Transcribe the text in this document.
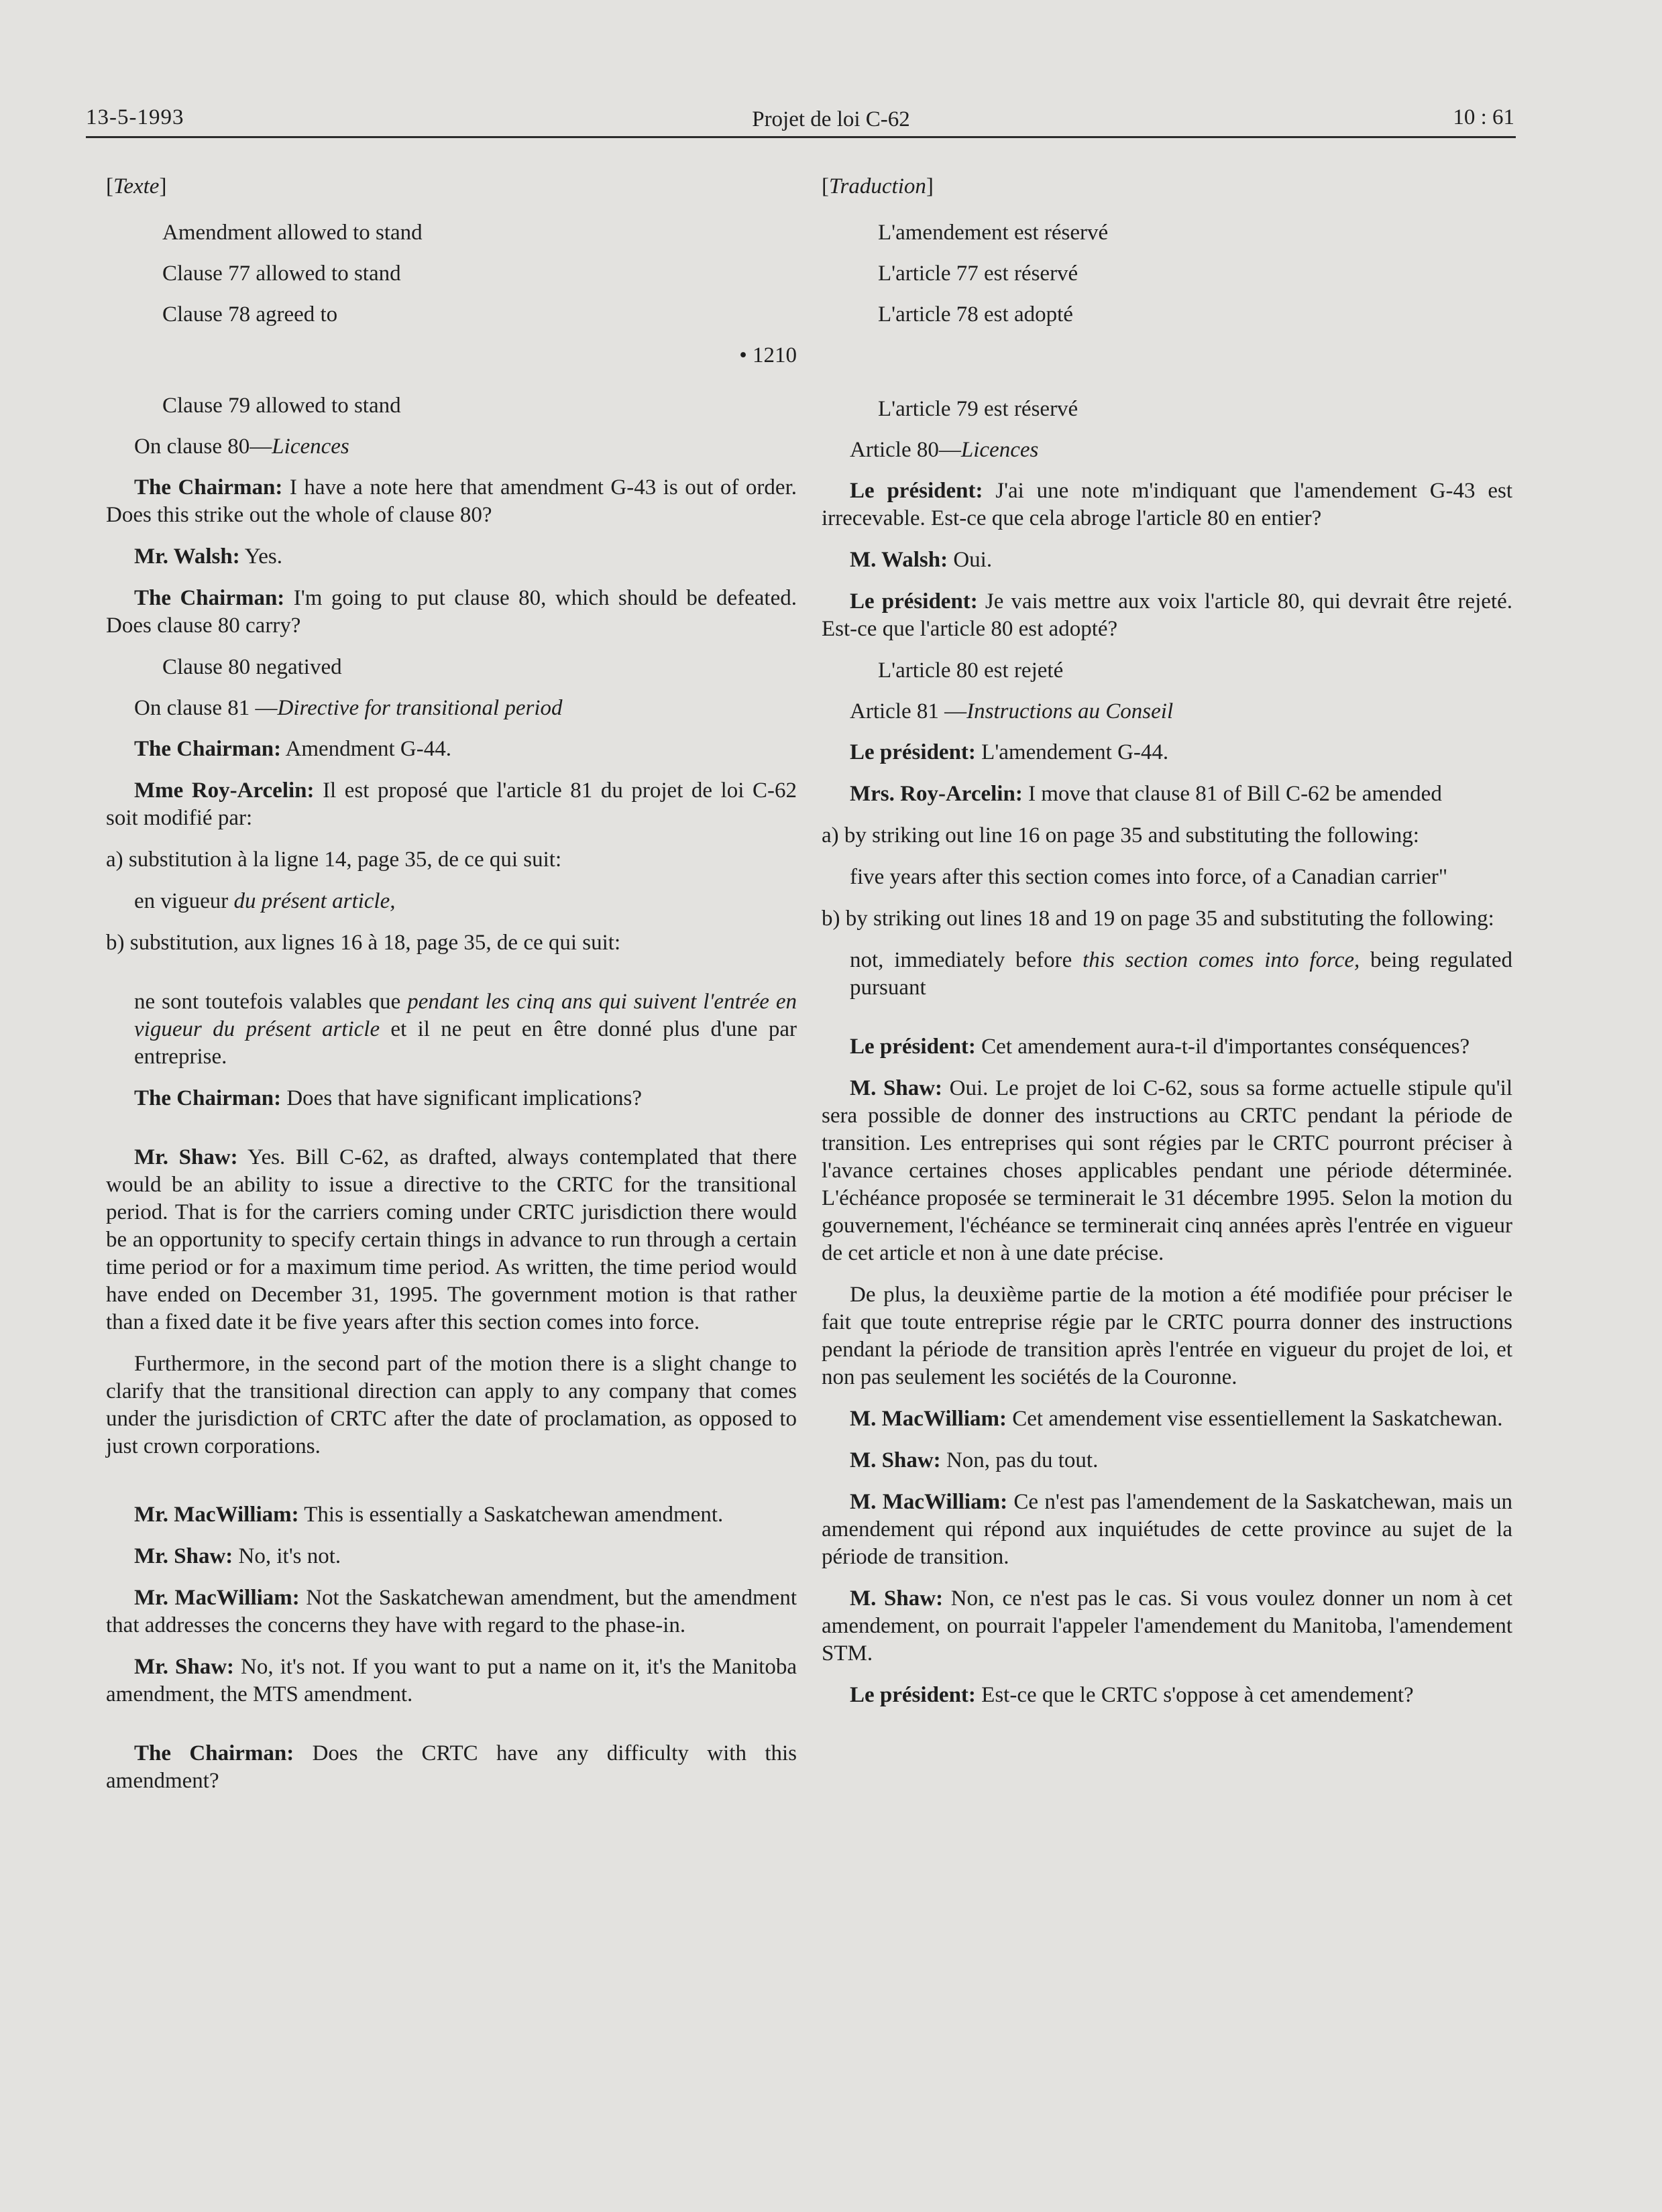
13-5-1993	Projet de loi C-62	10 : 61
[Texte]

Amendment allowed to stand

Clause 77 allowed to stand

Clause 78 agreed to

• 1210

Clause 79 allowed to stand

On clause 80—Licences

The Chairman: I have a note here that amendment G-43 is out of order. Does this strike out the whole of clause 80?

Mr. Walsh: Yes.

The Chairman: I'm going to put clause 80, which should be defeated. Does clause 80 carry?

Clause 80 negatived

On clause 81 —Directive for transitional period

The Chairman: Amendment G-44.

Mme Roy-Arcelin: Il est proposé que l'article 81 du projet de loi C-62 soit modifié par:

a) substitution à la ligne 14, page 35, de ce qui suit:

en vigueur du présent article,

b) substitution, aux lignes 16 à 18, page 35, de ce qui suit:

ne sont toutefois valables que pendant les cinq ans qui suivent l'entrée en vigueur du présent article et il ne peut en être donné plus d'une par entreprise.

The Chairman: Does that have significant implications?

Mr. Shaw: Yes. Bill C-62, as drafted, always contemplated that there would be an ability to issue a directive to the CRTC for the transitional period. That is for the carriers coming under CRTC jurisdiction there would be an opportunity to specify certain things in advance to run through a certain time period or for a maximum time period. As written, the time period would have ended on December 31, 1995. The government motion is that rather than a fixed date it be five years after this section comes into force.

Furthermore, in the second part of the motion there is a slight change to clarify that the transitional direction can apply to any company that comes under the jurisdiction of CRTC after the date of proclamation, as opposed to just crown corporations.

Mr. MacWilliam: This is essentially a Saskatchewan amendment.

Mr. Shaw: No, it's not.

Mr. MacWilliam: Not the Saskatchewan amendment, but the amendment that addresses the concerns they have with regard to the phase-in.

Mr. Shaw: No, it's not. If you want to put a name on it, it's the Manitoba amendment, the MTS amendment.

The Chairman: Does the CRTC have any difficulty with this amendment?

[Traduction]

L'amendement est réservé

L'article 77 est réservé

L'article 78 est adopté

L'article 79 est réservé

Article 80—Licences

Le président: J'ai une note m'indiquant que l'amendement G-43 est irrecevable. Est-ce que cela abroge l'article 80 en entier?

M. Walsh: Oui.

Le président: Je vais mettre aux voix l'article 80, qui devrait être rejeté. Est-ce que l'article 80 est adopté?

L'article 80 est rejeté

Article 81 —Instructions au Conseil

Le président: L'amendement G-44.

Mrs. Roy-Arcelin: I move that clause 81 of Bill C-62 be amended

a) by striking out line 16 on page 35 and substituting the following:

five years after this section comes into force, of a Canadian carrier"

b) by striking out lines 18 and 19 on page 35 and substituting the following:

not, immediately before this section comes into force, being regulated pursuant

Le président: Cet amendement aura-t-il d'importantes conséquences?

M. Shaw: Oui. Le projet de loi C-62, sous sa forme actuelle stipule qu'il sera possible de donner des instructions au CRTC pendant la période de transition. Les entreprises qui sont régies par le CRTC pourront préciser à l'avance certaines choses applicables pendant une période déterminée. L'échéance proposée se terminerait le 31 décembre 1995. Selon la motion du gouvernement, l'échéance se terminerait cinq années après l'entrée en vigueur de cet article et non à une date précise.

De plus, la deuxième partie de la motion a été modifiée pour préciser le fait que toute entreprise régie par le CRTC pourra donner des instructions pendant la période de transition après l'entrée en vigueur du projet de loi, et non pas seulement les sociétés de la Couronne.

M. MacWilliam: Cet amendement vise essentiellement la Saskatchewan.

M. Shaw: Non, pas du tout.

M. MacWilliam: Ce n'est pas l'amendement de la Saskatchewan, mais un amendement qui répond aux inquiétudes de cette province au sujet de la période de transition.

M. Shaw: Non, ce n'est pas le cas. Si vous voulez donner un nom à cet amendement, on pourrait l'appeler l'amendement du Manitoba, l'amendement STM.

Le président: Est-ce que le CRTC s'oppose à cet amendement?
